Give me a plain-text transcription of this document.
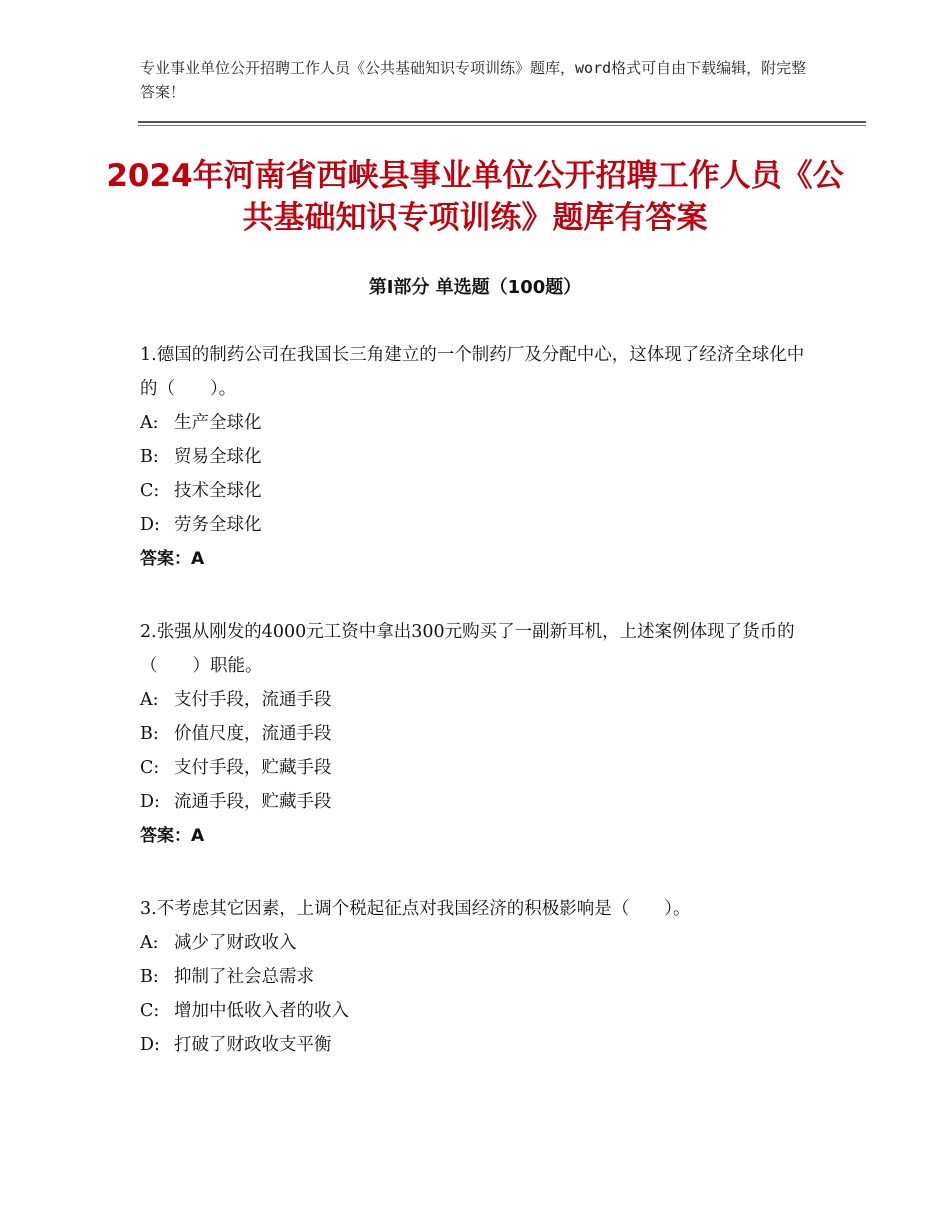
专业事业单位公开招聘工作人员《公共基础知识专项训练》题库，word格式可自由下载编辑，附完整答案！
2024年河南省西峡县事业单位公开招聘工作人员《公共基础知识专项训练》题库有答案
第Ⅰ部分 单选题（100题）

1.德国的制药公司在我国长三角建立的一个制药厂及分配中心，这体现了经济全球化中的（　　）。

A: 生产全球化

B: 贸易全球化

C: 技术全球化

D: 劳务全球化

答案：A

2.张强从刚发的4000元工资中拿出300元购买了一副新耳机，上述案例体现了货币的（　　）职能。

A: 支付手段，流通手段

B: 价值尺度，流通手段

C: 支付手段，贮藏手段

D: 流通手段，贮藏手段

答案：A

3.不考虑其它因素，上调个税起征点对我国经济的积极影响是（　　）。

A: 减少了财政收入

B: 抑制了社会总需求

C: 增加中低收入者的收入

D: 打破了财政收支平衡
